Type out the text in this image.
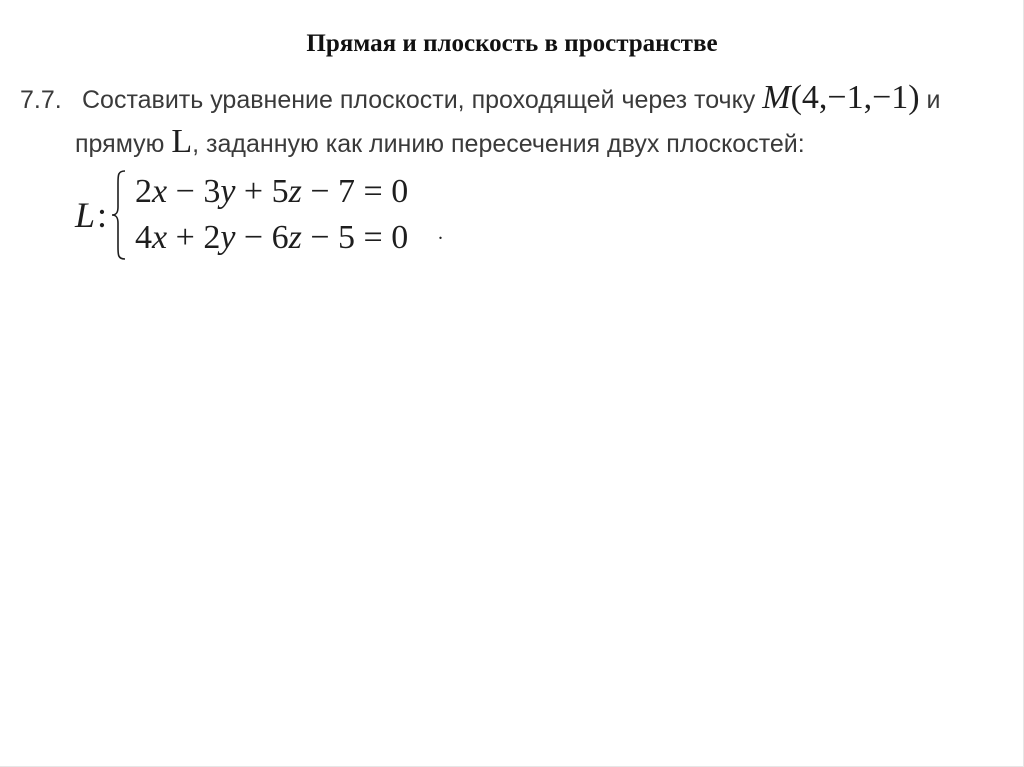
Прямая и плоскость в пространстве
7.7. Составить уравнение плоскости, проходящей через точку M(4,−1,−1) и
прямую L, заданную как линию пересечения двух плоскостей:
L :
2x − 3y + 5z − 7 = 0
4x + 2y − 6z − 5 = 0 .
